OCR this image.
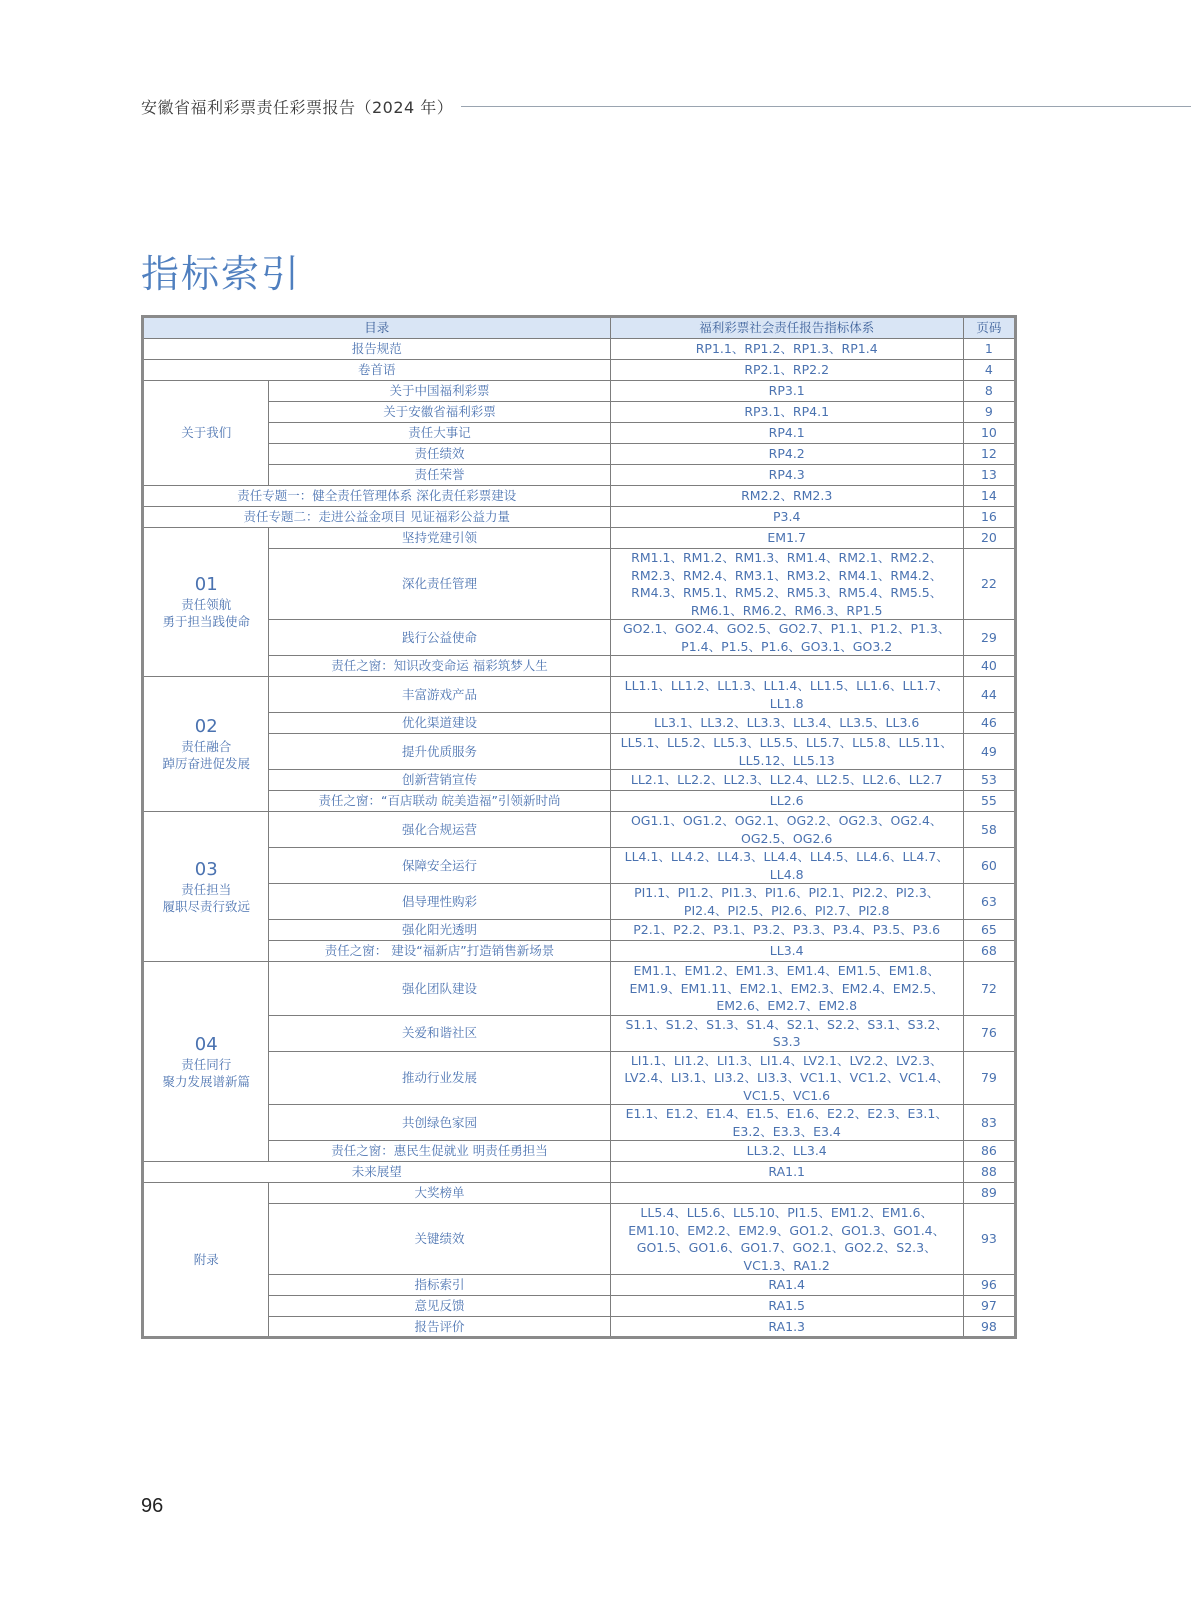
安徽省福利彩票责任彩票报告（2024 年）
指标索引
目录		福利彩票社会责任报告指标体系	页码
报告规范		RP1.1、RP1.2、RP1.3、RP1.4	1
卷首语		RP2.1、RP2.2	4
关于我们	关于中国福利彩票	RP3.1	8
	关于安徽省福利彩票	RP3.1、RP4.1	9
	责任大事记	RP4.1	10
	责任绩效	RP4.2	12
	责任荣誉	RP4.3	13
责任专题一：健全责任管理体系 深化责任彩票建设		RM2.2、RM2.3	14
责任专题二：走进公益金项目 见证福彩公益力量		P3.4	16

01
责任领航
勇于担当践使命	坚持党建引领	EM1.7	20
	深化责任管理	RM1.1、RM1.2、RM1.3、RM1.4、RM2.1、RM2.2、RM2.3、RM2.4、RM3.1、RM3.2、RM4.1、RM4.2、RM4.3、RM5.1、RM5.2、RM5.3、RM5.4、RM5.5、RM6.1、RM6.2、RM6.3、RP1.5	22
	践行公益使命	GO2.1、GO2.4、GO2.5、GO2.7、P1.1、P1.2、P1.3、P1.4、P1.5、P1.6、GO3.1、GO3.2	29
	责任之窗：知识改变命运 福彩筑梦人生		40

02
责任融合
踔厉奋进促发展	丰富游戏产品	LL1.1、LL1.2、LL1.3、LL1.4、LL1.5、LL1.6、LL1.7、LL1.8	44
	优化渠道建设	LL3.1、LL3.2、LL3.3、LL3.4、LL3.5、LL3.6	46
	提升优质服务	LL5.1、LL5.2、LL5.3、LL5.5、LL5.7、LL5.8、LL5.11、LL5.12、LL5.13	49
	创新营销宣传	LL2.1、LL2.2、LL2.3、LL2.4、LL2.5、LL2.6、LL2.7	53
	责任之窗：“百店联动 皖美造福”引领新时尚	LL2.6	55

03
责任担当
履职尽责行致远	强化合规运营	OG1.1、OG1.2、OG2.1、OG2.2、OG2.3、OG2.4、OG2.5、OG2.6	58
	保障安全运行	LL4.1、LL4.2、LL4.3、LL4.4、LL4.5、LL4.6、LL4.7、LL4.8	60
	倡导理性购彩	PI1.1、PI1.2、PI1.3、PI1.6、PI2.1、PI2.2、PI2.3、PI2.4、PI2.5、PI2.6、PI2.7、PI2.8	63
	强化阳光透明	P2.1、P2.2、P3.1、P3.2、P3.3、P3.4、P3.5、P3.6	65
	责任之窗： 建设“福新店”打造销售新场景	LL3.4	68

04
责任同行
聚力发展谱新篇	强化团队建设	EM1.1、EM1.2、EM1.3、EM1.4、EM1.5、EM1.8、EM1.9、EM1.11、EM2.1、EM2.3、EM2.4、EM2.5、EM2.6、EM2.7、EM2.8	72
	关爱和谐社区	S1.1、S1.2、S1.3、S1.4、S2.1、S2.2、S3.1、S3.2、S3.3	76
	推动行业发展	LI1.1、LI1.2、LI1.3、LI1.4、LV2.1、LV2.2、LV2.3、LV2.4、LI3.1、LI3.2、LI3.3、VC1.1、VC1.2、VC1.4、VC1.5、VC1.6	79
	共创绿色家园	E1.1、E1.2、E1.4、E1.5、E1.6、E2.2、E2.3、E3.1、E3.2、E3.3、E3.4	83
	责任之窗：惠民生促就业 明责任勇担当	LL3.2、LL3.4	86
未来展望		RA1.1	88
附录	大奖榜单		89
	关键绩效	LL5.4、LL5.6、LL5.10、PI1.5、EM1.2、EM1.6、EM1.10、EM2.2、EM2.9、GO1.2、GO1.3、GO1.4、GO1.5、GO1.6、GO1.7、GO2.1、GO2.2、S2.3、VC1.3、RA1.2	93
	指标索引	RA1.4	96
	意见反馈	RA1.5	97
	报告评价	RA1.3	98
96
